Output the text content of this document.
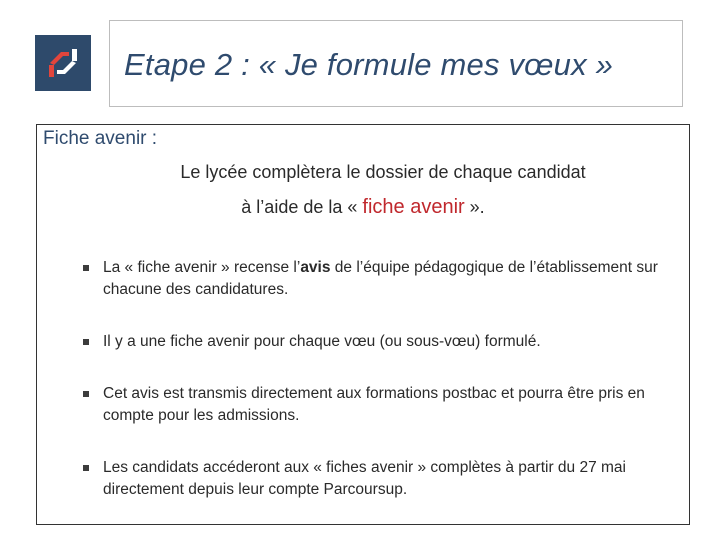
Etape 2 : « Je formule mes vœux »
Fiche avenir :
Le lycée complètera le dossier de chaque candidat
à l’aide de la « fiche avenir ».
La « fiche avenir » recense l’avis de l’équipe pédagogique de l’établissement sur chacune des candidatures.
Il y a une fiche avenir pour chaque vœu (ou sous-vœu) formulé.
Cet avis est transmis directement aux formations postbac et pourra être pris en compte pour les admissions.
Les candidats accéderont aux « fiches avenir » complètes à partir du 27 mai directement depuis leur compte Parcoursup.
